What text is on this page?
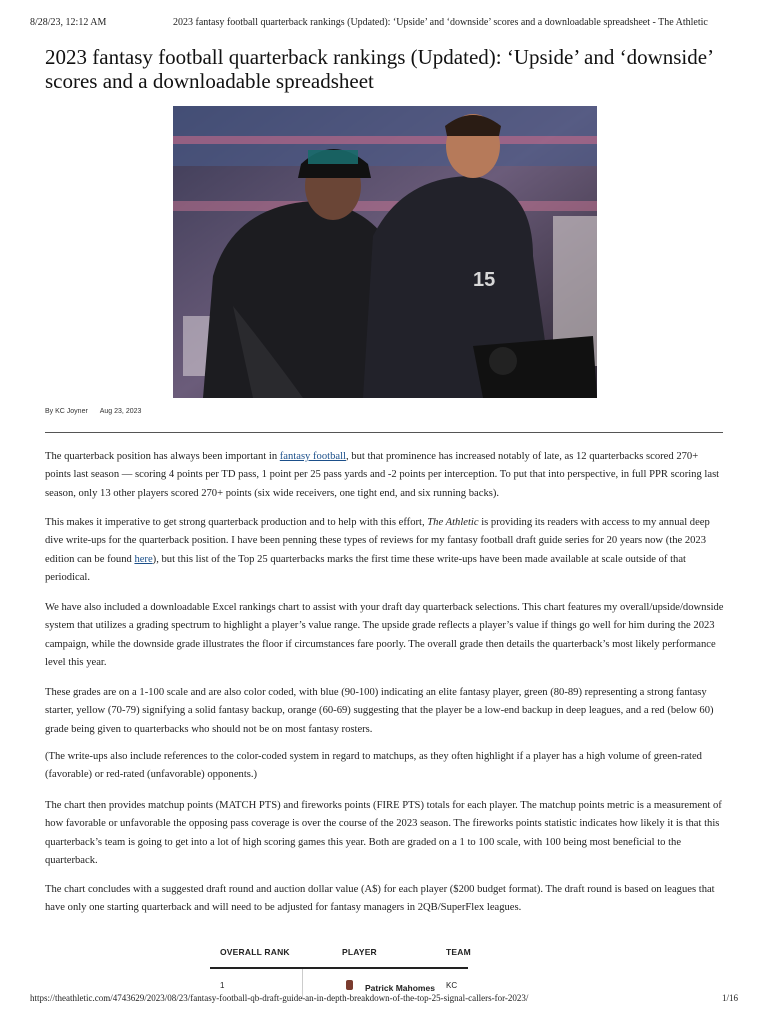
8/28/23, 12:12 AM	2023 fantasy football quarterback rankings (Updated): ‘Upside’ and ‘downside’ scores and a downloadable spreadsheet - The Athletic
2023 fantasy football quarterback rankings (Updated): ‘Upside’ and ‘downside’
scores and a downloadable spreadsheet
15
By KC Joyner Aug 23, 2023

The quarterback position has always been important in fantasy football, but that prominence has increased notably of late, as 12 quarterbacks scored 270+ points last season — scoring 4 points per TD pass, 1 point per 25 pass yards and -2 points per interception. To put that into perspective, in full PPR scoring last season, only 13 other players scored 270+ points (six wide receivers, one tight end, and six running backs).

This makes it imperative to get strong quarterback production and to help with this effort, The Athletic is providing its readers with access to my annual deep dive write-ups for the quarterback position. I have been penning these types of reviews for my fantasy football draft guide series for 20 years now (the 2023 edition can be found here), but this list of the Top 25 quarterbacks marks the first time these write-ups have been made available at scale outside of that periodical.

We have also included a downloadable Excel rankings chart to assist with your draft day quarterback selections. This chart features my overall/upside/downside system that utilizes a grading spectrum to highlight a player’s value range. The upside grade reflects a player’s value if things go well for him during the 2023 campaign, while the downside grade illustrates the floor if circumstances fare poorly. The overall grade then details the quarterback’s most likely performance level this year.

These grades are on a 1-100 scale and are also color coded, with blue (90-100) indicating an elite fantasy player, green (80-89) representing a strong fantasy starter, yellow (70-79) signifying a solid fantasy backup, orange (60-69) suggesting that the player be a low-end backup in deep leagues, and a red (below 60) grade being given to quarterbacks who should not be on most fantasy rosters.

(The write-ups also include references to the color-coded system in regard to matchups, as they often highlight if a player has a high volume of green-rated (favorable) or red-rated (unfavorable) opponents.)

The chart then provides matchup points (MATCH PTS) and fireworks points (FIRE PTS) totals for each player. The matchup points metric is a measurement of how favorable or unfavorable the opposing pass coverage is over the course of the 2023 season. The fireworks points statistic indicates how likely it is that this quarterback’s team is going to get into a lot of high scoring games this year. Both are graded on a 1 to 100 scale, with 100 being most beneficial to the quarterback.

The chart concludes with a suggested draft round and auction dollar value (A$) for each player ($200 budget format). The draft round is based on leagues that have only one starting quarterback and will need to be adjusted for fantasy managers in 2QB/SuperFlex leagues.

OVERALL RANK	PLAYER	TEAM
1	Patrick Mahomes KC
https://theathletic.com/4743629/2023/08/23/fantasy-football-qb-draft-guide-an-in-depth-breakdown-of-the-top-25-signal-callers-for-2023/	1/16
